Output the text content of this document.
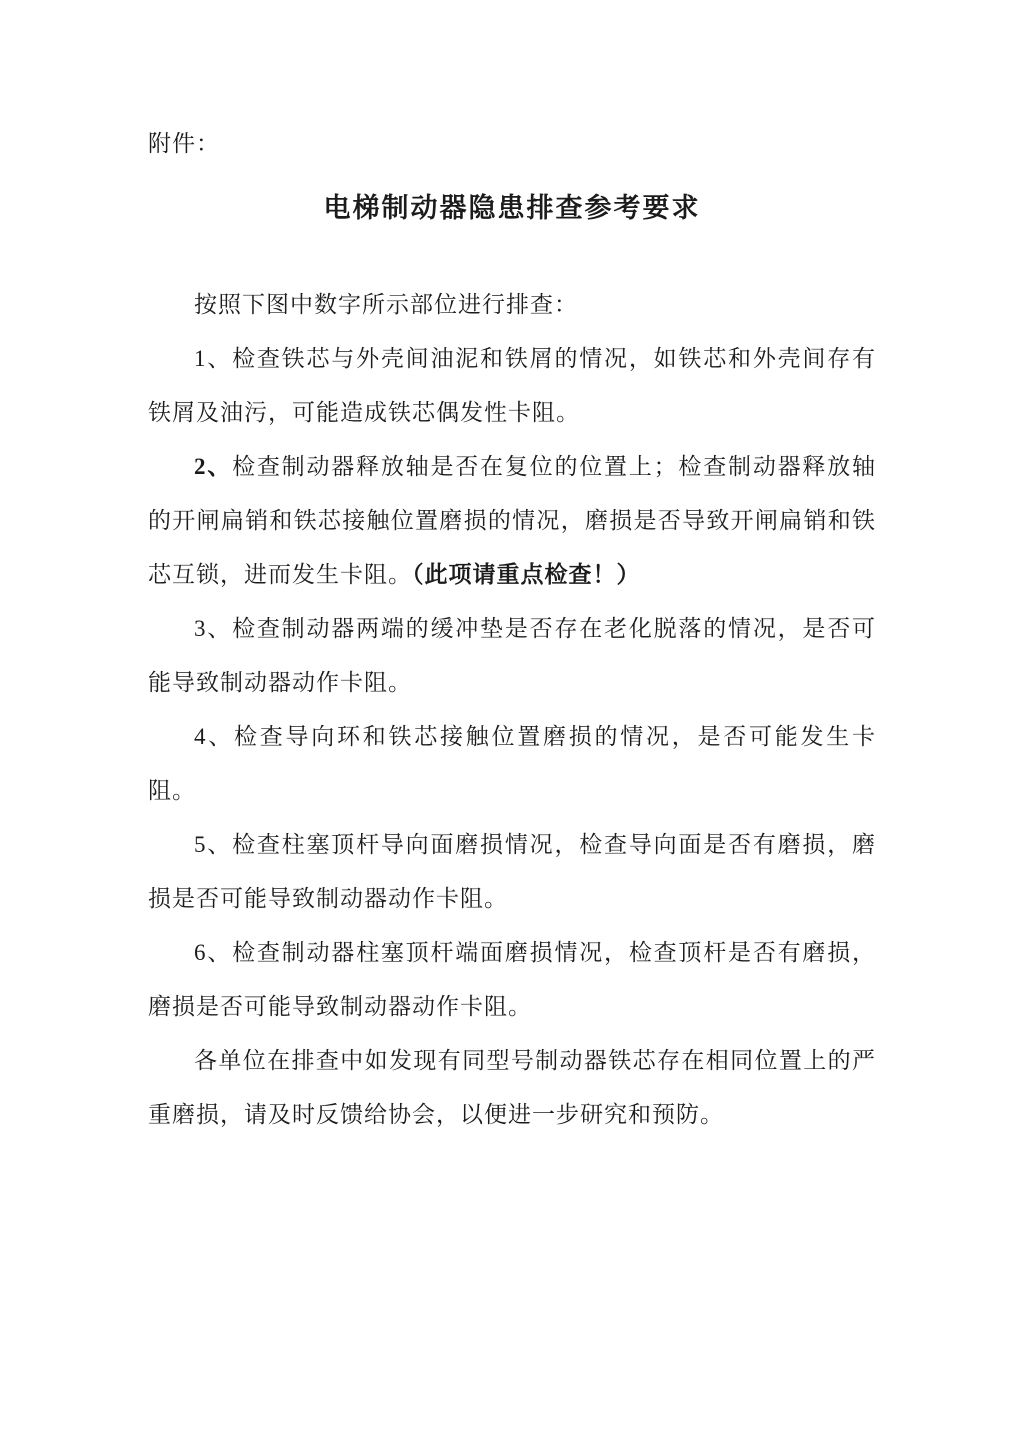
附件：
电梯制动器隐患排查参考要求

按照下图中数字所示部位进行排查：

1、检查铁芯与外壳间油泥和铁屑的情况，如铁芯和外壳间存有铁屑及油污，可能造成铁芯偶发性卡阻。

2、检查制动器释放轴是否在复位的位置上；检查制动器释放轴的开闸扁销和铁芯接触位置磨损的情况，磨损是否导致开闸扁销和铁芯互锁，进而发生卡阻。（此项请重点检查！）

3、检查制动器两端的缓冲垫是否存在老化脱落的情况，是否可能导致制动器动作卡阻。

4、检查导向环和铁芯接触位置磨损的情况，是否可能发生卡阻。

5、检查柱塞顶杆导向面磨损情况，检查导向面是否有磨损，磨损是否可能导致制动器动作卡阻。

6、检查制动器柱塞顶杆端面磨损情况，检查顶杆是否有磨损，磨损是否可能导致制动器动作卡阻。

各单位在排查中如发现有同型号制动器铁芯存在相同位置上的严重磨损，请及时反馈给协会，以便进一步研究和预防。
